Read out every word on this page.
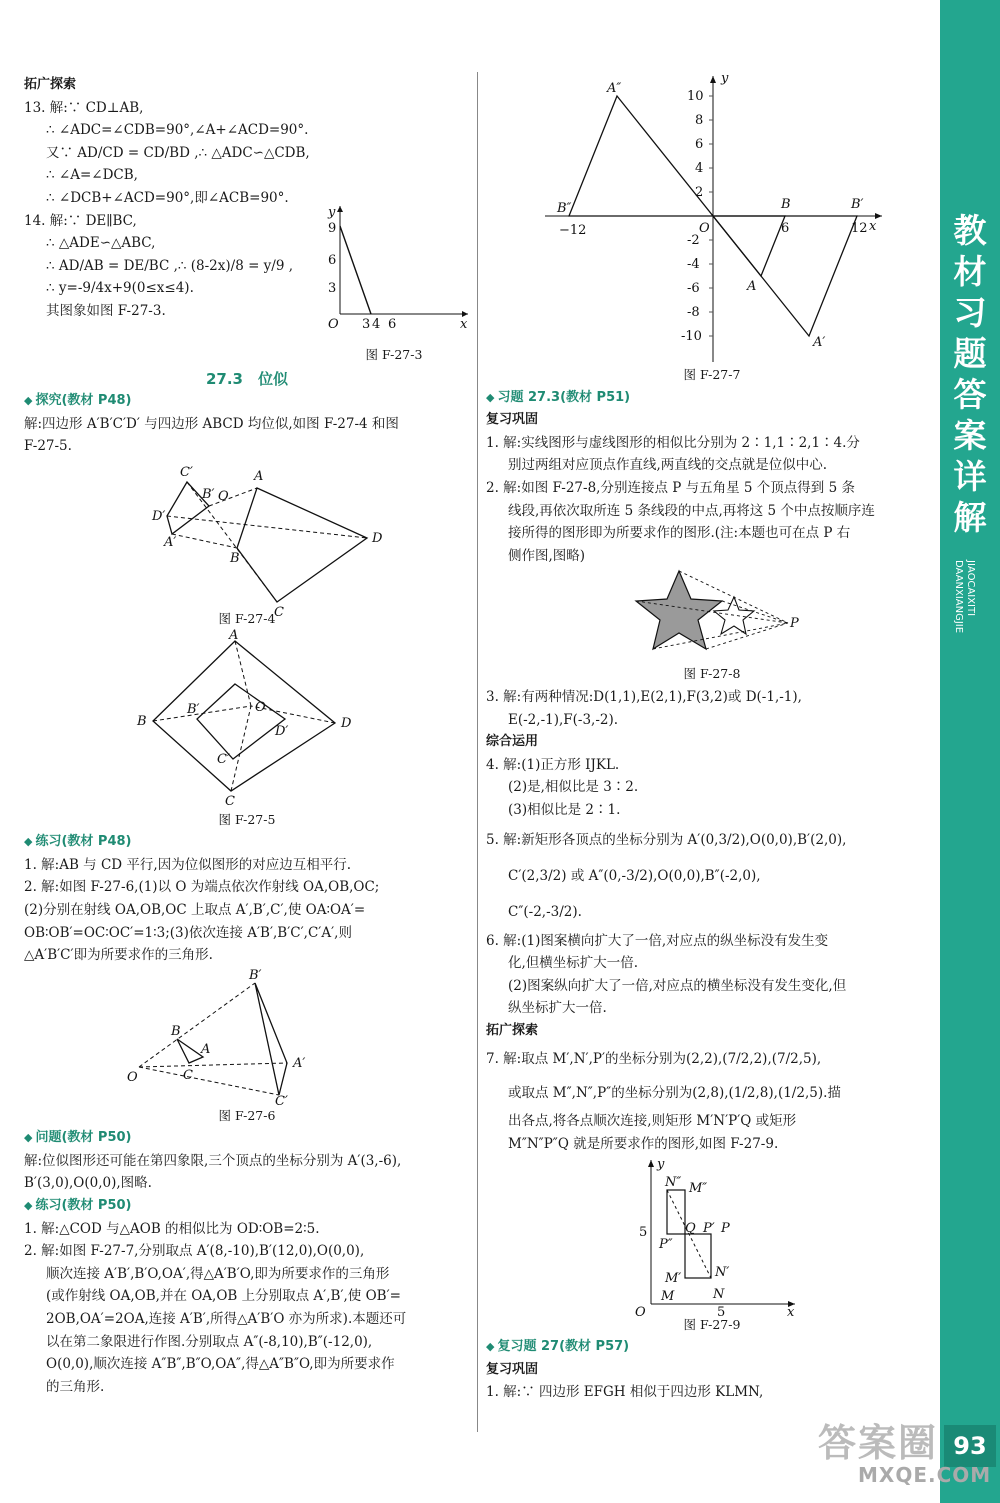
拓广探索
13. 解:∵ CD⊥AB,
∴ ∠ADC=∠CDB=90°,∠A+∠ACD=90°.
又∵ AD/CD = CD/BD ,∴ △ADC∽△CDB,
∴ ∠A=∠DCB,
∴ ∠DCB+∠ACD=90°,即∠ACB=90°.
14. 解:∵ DE∥BC,
∴ △ADE∽△ABC,
∴ AD/AB = DE/BC ,∴ (8-2x)/8 = y/9 ,
∴ y=-9/4x+9(0≤x≤4).
其图象如图 F-27-3.
y
x
9
6
3
O 3 4 6
图 F-27-3
27.3　位似
◆ 探究(教材 P48)
解:四边形 A′B′C′D′ 与四边形 ABCD 均位似,如图 F-27-4 和图
F-27-5.
D′
C′
B′ O
A′
A
D
B
C
图 F-27-4
A
D
C
B
O
B′
D′
C′
图 F-27-5
◆ 练习(教材 P48)
1. 解:AB 与 CD 平行,因为位似图形的对应边互相平行.
2. 解:如图 F-27-6,(1)以 O 为端点依次作射线 OA,OB,OC;
(2)分别在射线 OA,OB,OC 上取点 A′,B′,C′,使 OA∶OA′=
OB∶OB′=OC∶OC′=1∶3;(3)依次连接 A′B′,B′C′,C′A′,则
△A′B′C′即为所要求作的三角形.
O
B
A
C
B′
A′
C′
图 F-27-6
◆ 问题(教材 P50)
解:位似图形还可能在第四象限,三个顶点的坐标分别为 A′(3,-6),
B′(3,0),O(0,0),图略.
◆ 练习(教材 P50)
1. 解:△COD 与△AOB 的相似比为 OD∶OB=2∶5.
2. 解:如图 F-27-7,分别取点 A′(8,-10),B′(12,0),O(0,0),
顺次连接 A′B′,B′O,OA′,得△A′B′O,即为所要求作的三角形
(或作射线 OA,OB,并在 OA,OB 上分别取点 A′,B′,使 OB′=
2OB,OA′=2OA,连接 A′B′,所得△A′B′O 亦为所求).本题还可
以在第二象限进行作图.分别取点 A″(-8,10),B″(-12,0),
O(0,0),顺次连接 A″B″,B″O,OA″,得△A″B″O,即为所要求作
的三角形.
y
x
10
8
6
4
2
-2
-4
-6
-8
-10
O
−12	6	12
A″
B″	B	B′
A
A′
图 F-27-7
◆ 习题 27.3(教材 P51)
复习巩固
1. 解:实线图形与虚线图形的相似比分别为 2∶1,1∶2,1∶4.分
别过两组对应顶点作直线,两直线的交点就是位似中心.
2. 解:如图 F-27-8,分别连接点 P 与五角星 5 个顶点得到 5 条
线段,再依次取所连 5 条线段的中点,再将这 5 个中点按顺序连
接所得的图形即为所要求作的图形.(注:本题也可在点 P 右
侧作图,图略)
P
图 F-27-8
3. 解:有两种情况:D(1,1),E(2,1),F(3,2)或 D(-1,-1),
E(-2,-1),F(-3,-2).
综合运用
4. 解:(1)正方形 IJKL.
(2)是,相似比是 3∶2.
(3)相似比是 2∶1.
5. 解:新矩形各顶点的坐标分别为 A′(0,3/2),O(0,0),B′(2,0),
C′(2,3/2) 或 A″(0,-3/2),O(0,0),B″(-2,0),
C″(-2,-3/2).
6. 解:(1)图案横向扩大了一倍,对应点的纵坐标没有发生变
化,但横坐标扩大一倍.
(2)图案纵向扩大了一倍,对应点的横坐标没有发生变化,但
纵坐标扩大一倍.
拓广探索
7. 解:取点 M′,N′,P′的坐标分别为(2,2),(7/2,2),(7/2,5),
或取点 M″,N″,P″的坐标分别为(2,8),(1/2,8),(1/2,5).描
出各点,将各点顺次连接,则矩形 M′N′P′Q 或矩形
M″N″P″Q 就是所要求作的图形,如图 F-27-9.
y
x
O
5
5
N″ M″
Q P′ P
P″
N′
M′
M	N
图 F-27-9
◆ 复习题 27(教材 P57)
复习巩固
1. 解:∵ 四边形 EFGH 相似于四边形 KLMN,
教
材
习
题
答
案
详
解
JIAOCAIXITI
DAANXIANGJIE
93
答案圈
MXQE.COM
